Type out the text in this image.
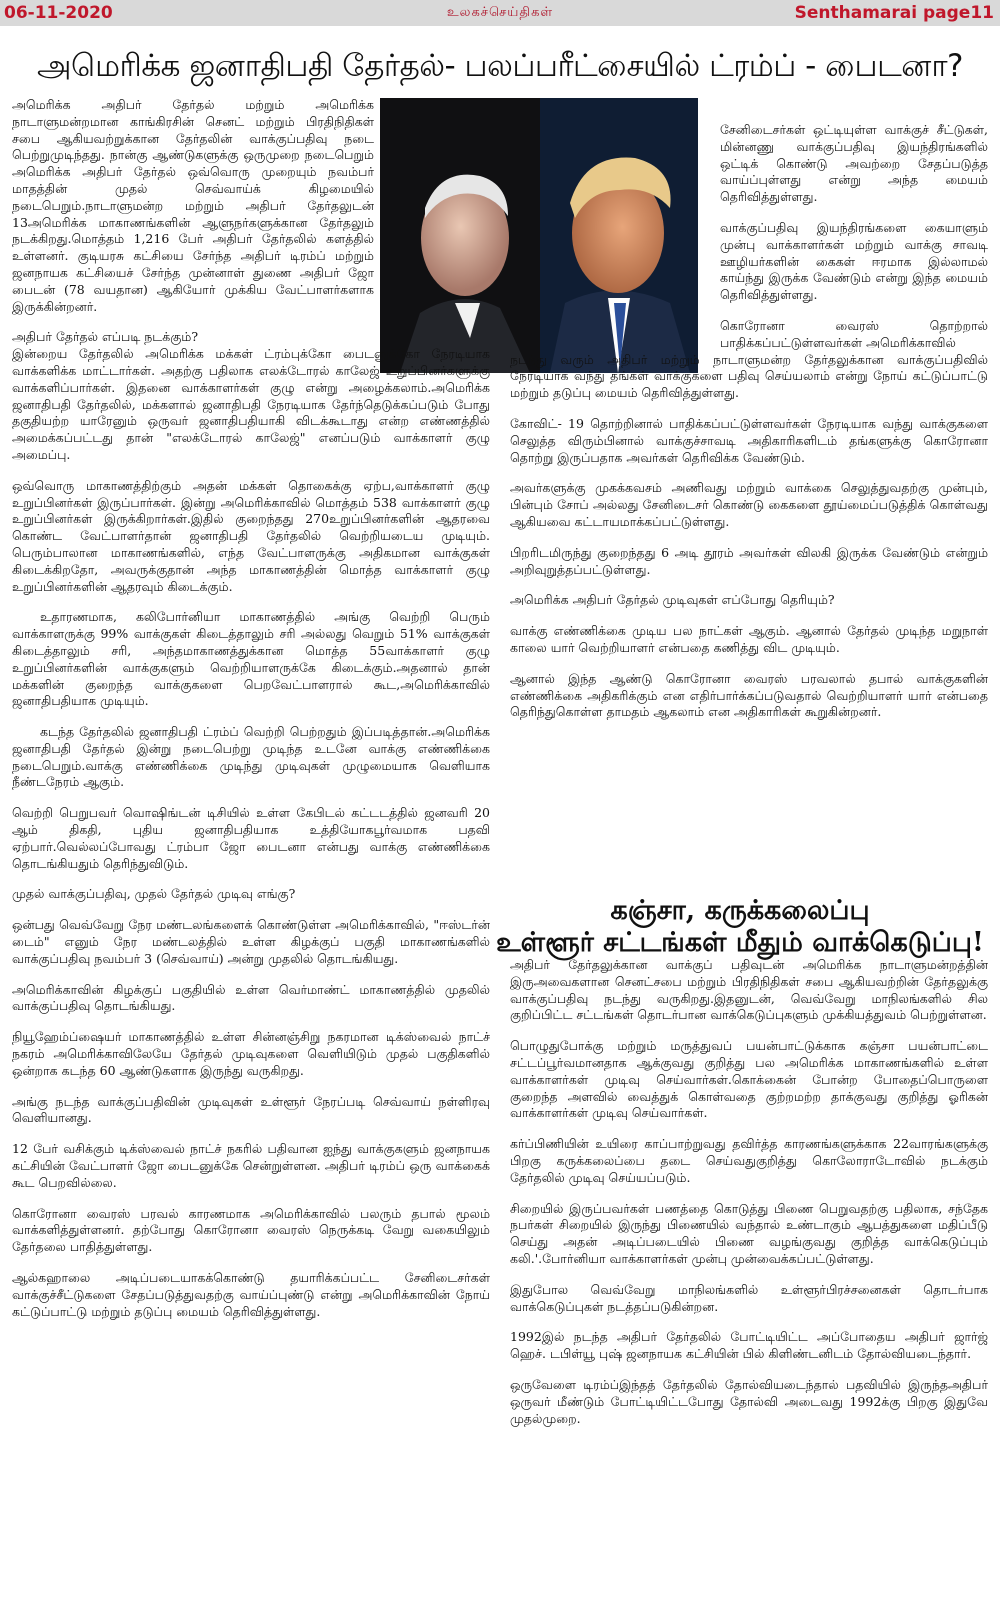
06-11-2020	உலகச்செய்திகள்	Senthamarai page11
அமெரிக்க ஜனாதிபதி தேர்தல்- பலப்பரீட்சையில் ட்ரம்ப் - பைடனா?

அமெரிக்க அதிபர் தேர்தல் மற்றும் அமெரிக்க நாடாளுமன்றமான காங்கிரசின் செனட் மற்றும் பிரதிநிதிகள் சபை ஆகியவற்றுக்கான தேர்தலின் வாக்குப்பதிவு நடை பெற்றுமுடிந்தது. நான்கு ஆண்டுகளுக்கு ஒருமுறை நடைபெறும் அமெரிக்க அதிபர் தேர்தல் ஒவ்வொரு முறையும் நவம்பர் மாதத்தின் முதல் செவ்வாய்க் கிழமையில் நடைபெறும்.நாடாளுமன்ற மற்றும் அதிபர் தேர்தலுடன் 13அமெரிக்க மாகாணங்களின் ஆளுநர்களுக்கான தேர்தலும் நடக்கிறது.மொத்தம் 1,216 பேர் அதிபர் தேர்தலில் களத்தில் உள்ளனர். குடியரசு கட்சியை சேர்ந்த அதிபர் டிரம்ப் மற்றும் ஜனநாயக கட்சியைச் சேர்ந்த முன்னாள் துணை அதிபர் ஜோ பைடன் (78 வயதான) ஆகியோர் முக்கிய வேட்பாளர்களாக இருக்கின்றனர்.

அதிபர் தேர்தல் எப்படி நடக்கும்?
இன்றைய தேர்தலில் அமெரிக்க மக்கள் ட்ரம்புக்கோ பைடனுக்கோ நேரடியாக வாக்களிக்க மாட்டார்கள். அதற்கு பதிலாக எலக்டோரல் காலேஜ் உறுப்பினர்களுக்கு வாக்களிப்பார்கள். இதனை வாக்காளர்கள் குழு என்று அழைக்கலாம்.அமெரிக்க ஜனாதிபதி தேர்தலில், மக்களால் ஜனாதிபதி நேரடியாக தேர்ந்தெடுக்கப்படும் போது தகுதியற்ற யாரேனும் ஒருவர் ஜனாதிபதியாகி விடக்கூடாது என்ற எண்ணத்தில் அமைக்கப்பட்டது தான் "எலக்டோரல் காலேஜ்" எனப்படும் வாக்காளர் குழு அமைப்பு.

ஒவ்வொரு மாகாணத்திற்கும் அதன் மக்கள் தொகைக்கு ஏற்ப,வாக்காளர் குழு உறுப்பினர்கள் இருப்பார்கள். இன்று அமெரிக்காவில் மொத்தம் 538 வாக்காளர் குழு உறுப்பினர்கள் இருக்கிறார்கள்.இதில் குறைந்தது 270உறுப்பினர்களின் ஆதரவை கொண்ட வேட்பாளர்தான் ஜனாதிபதி தேர்தலில் வெற்றியடைய முடியும். பெரும்பாலான மாகாணங்களில், எந்த வேட்பாளருக்கு அதிகமான வாக்குகள் கிடைக்கிறதோ, அவருக்குதான் அந்த மாகாணத்தின் மொத்த வாக்காளர் குழு உறுப்பினர்களின் ஆதரவும் கிடைக்கும்.

உதாரணமாக, கலிபோர்னியா மாகாணத்தில் அங்கு வெற்றி பெரும் வாக்காளருக்கு 99% வாக்குகள் கிடைத்தாலும் சரி அல்லது வெறும் 51% வாக்குகள் கிடைத்தாலும் சரி, அந்தமாகாணத்துக்கான மொத்த 55வாக்காளர் குழு உறுப்பினர்களின் வாக்குகளும் வெற்றியாளருக்கே கிடைக்கும்.அதனால் தான் மக்களின் குறைந்த வாக்குகளை பெறவேட்பாளரால் கூட,அமெரிக்காவில் ஜனாதிபதியாக முடியும்.

கடந்த தேர்தலில் ஜனாதிபதி ட்ரம்ப் வெற்றி பெற்றதும் இப்படித்தான்.அமெரிக்க ஜனாதிபதி தேர்தல் இன்று நடைபெற்று முடிந்த உடனே வாக்கு எண்ணிக்கை நடைபெறும்.வாக்கு எண்ணிக்கை முடிந்து முடிவுகள் முழுமையாக வெளியாக நீண்டநேரம் ஆகும்.

வெற்றி பெறுபவர் வொஷிங்டன் டிசியில் உள்ள கேபிடல் கட்டடத்தில் ஜனவரி 20 ஆம் திகதி, புதிய ஜனாதிபதியாக உத்தியோகபூர்வமாக பதவி ஏற்பார்.வெல்லப்போவது ட்ரம்பா ஜோ பைடனா என்பது வாக்கு எண்ணிக்கை தொடங்கியதும் தெரிந்துவிடும்.

முதல் வாக்குப்பதிவு, முதல் தேர்தல் முடிவு எங்கு?

ஒன்பது வெவ்வேறு நேர மண்டலங்களைக் கொண்டுள்ள அமெரிக்காவில், "ஈஸ்டர்ன் டைம்" எனும் நேர மண்டலத்தில் உள்ள கிழக்குப் பகுதி மாகாணங்களில் வாக்குப்பதிவு நவம்பர் 3 (செவ்வாய்) அன்று முதலில் தொடங்கியது.

அமெரிக்காவின் கிழக்குப் பகுதியில் உள்ள வெர்மாண்ட் மாகாணத்தில் முதலில் வாக்குப்பதிவு தொடங்கியது.

நியூஹேம்ப்ஷையர் மாகாணத்தில் உள்ள சின்னஞ்சிறு நகரமான டிக்ஸ்வைல் நாட்ச் நகரம் அமெரிக்காவிலேயே தேர்தல் முடிவுகளை வெளியிடும் முதல் பகுதிகளில் ஒன்றாக கடந்த 60 ஆண்டுகளாக இருந்து வருகிறது.

அங்கு நடந்த வாக்குப்பதிவின் முடிவுகள் உள்ளூர் நேரப்படி செவ்வாய் நள்ளிரவு வெளியானது.

12 பேர் வசிக்கும் டிக்ஸ்வைல் நாட்ச் நகரில் பதிவான ஐந்து வாக்குகளும் ஜனநாயக கட்சியின் வேட்பாளர் ஜோ பைடனுக்கே சென்றுள்ளன. அதிபர் டிரம்ப் ஒரு வாக்கைக் கூட பெறவில்லை.

கொரோனா வைரஸ் பரவல் காரணமாக அமெரிக்காவில் பலரும் தபால் மூலம் வாக்களித்துள்ளனர். தற்போது கொரோனா வைரஸ் நெருக்கடி வேறு வகையிலும் தேர்தலை பாதித்துள்ளது.

ஆல்கஹாலை அடிப்படையாகக்கொண்டு தயாரிக்கப்பட்ட சேனிடைசர்கள் வாக்குச்சீட்டுகளை சேதப்படுத்துவதற்கு வாய்ப்புண்டு என்று அமெரிக்காவின் நோய் கட்டுப்பாட்டு மற்றும் தடுப்பு மையம் தெரிவித்துள்ளது.

சேனிடைசர்கள் ஒட்டியுள்ள வாக்குச் சீட்டுகள், மின்னணு வாக்குப்பதிவு இயந்திரங்களில் ஒட்டிக் கொண்டு அவற்றை சேதப்படுத்த வாய்ப்புள்ளது என்று அந்த மையம் தெரிவித்துள்ளது.

வாக்குப்பதிவு இயந்திரங்களை கையாளும் முன்பு வாக்காளர்கள் மற்றும் வாக்கு சாவடி ஊழியர்களின் கைகள் ஈரமாக இல்லாமல் காய்ந்து இருக்க வேண்டும் என்று இந்த மையம் தெரிவித்துள்ளது.

கொரோனா வைரஸ் தொற்றால் பாதிக்கப்பட்டுள்ளவர்கள் அமெரிக்காவில்

நடந்து வரும் அதிபர் மற்றும் நாடாளுமன்ற தேர்தலுக்கான வாக்குப்பதிவில் நேரடியாக வந்து தங்கள் வாக்குகளை பதிவு செய்யலாம் என்று நோய் கட்டுப்பாட்டு மற்றும் தடுப்பு மையம் தெரிவித்துள்ளது.

கோவிட்- 19 தொற்றினால் பாதிக்கப்பட்டுள்ளவர்கள் நேரடியாக வந்து வாக்குகளை செலுத்த விரும்பினால் வாக்குச்சாவடி அதிகாரிகளிடம் தங்களுக்கு கொரோனா தொற்று இருப்பதாக அவர்கள் தெரிவிக்க வேண்டும்.

அவர்களுக்கு முகக்கவசம் அணிவது மற்றும் வாக்கை செலுத்துவதற்கு முன்பும், பின்பும் சோப் அல்லது சேனிடைசர் கொண்டு கைகளை தூய்மைப்படுத்திக் கொள்வது ஆகியவை கட்டாயமாக்கப்பட்டுள்ளது.

பிறரிடமிருந்து குறைந்தது 6 அடி தூரம் அவர்கள் விலகி இருக்க வேண்டும் என்றும் அறிவுறுத்தப்பட்டுள்ளது.

அமெரிக்க அதிபர் தேர்தல் முடிவுகள் எப்போது தெரியும்?

வாக்கு எண்ணிக்கை முடிய பல நாட்கள் ஆகும். ஆனால் தேர்தல் முடிந்த மறுநாள் காலை யார் வெற்றியாளர் என்பதை கணித்து விட முடியும்.

ஆனால் இந்த ஆண்டு கொரோனா வைரஸ் பரவலால் தபால் வாக்குகளின் எண்ணிக்கை அதிகரிக்கும் என எதிர்பார்க்கப்படுவதால் வெற்றியாளர் யார் என்பதை தெரிந்துகொள்ள தாமதம் ஆகலாம் என அதிகாரிகள் கூறுகின்றனர்.

கஞ்சா, கருக்கலைப்பு
உள்ளூர் சட்டங்கள் மீதும் வாக்கெடுப்பு!

அதிபர் தேர்தலுக்கான வாக்குப் பதிவுடன் அமெரிக்க நாடாளுமன்றத்தின் இருஅவைகளான செனட்சபை மற்றும் பிரதிநிதிகள் சபை ஆகியவற்றின் தேர்தலுக்கு வாக்குப்பதிவு நடந்து வருகிறது.இதனுடன், வெவ்வேறு மாநிலங்களில் சில குறிப்பிட்ட சட்டங்கள் தொடர்பான வாக்கெடுப்புகளும் முக்கியத்துவம் பெற்றுள்ளன.

பொழுதுபோக்கு மற்றும் மருத்துவப் பயன்பாட்டுக்காக கஞ்சா பயன்பாட்டை சட்டப்பூர்வமானதாக ஆக்குவது குறித்து பல அமெரிக்க மாகாணங்களில் உள்ள வாக்காளர்கள் முடிவு செய்வார்கள்.கொக்கைன் போன்ற போதைப்பொருளை குறைந்த அளவில் வைத்துக் கொள்வதை குற்றமற்ற தாக்குவது குறித்து ஓரிகன் வாக்காளர்கள் முடிவு செய்வார்கள்.

கர்ப்பிணியின் உயிரை காப்பாற்றுவது தவிர்த்த காரணங்களுக்காக 22வாரங்களுக்கு பிறகு கருக்கலைப்பை தடை செய்வதுகுறித்து கொலோராடோவில் நடக்கும் தேர்தலில் முடிவு செய்யப்படும்.

சிறையில் இருப்பவர்கள் பணத்தை கொடுத்து பிணை பெறுவதற்கு பதிலாக, சந்தேக நபர்கள் சிறையில் இருந்து பிணையில் வந்தால் உண்டாகும் ஆபத்துகளை மதிப்பீடு செய்து அதன் அடிப்படையில் பிணை வழங்குவது குறித்த வாக்கெடுப்பும் கலி.'.போர்னியா வாக்காளர்கள் முன்பு முன்வைக்கப்பட்டுள்ளது.

இதுபோல வெவ்வேறு மாநிலங்களில் உள்ளூர்பிரச்சனைகள் தொடர்பாக வாக்கெடுப்புகள் நடத்தப்படுகின்றன.

1992இல் நடந்த அதிபர் தேர்தலில் போட்டியிட்ட அப்போதைய அதிபர் ஜார்ஜ் ஹெச். டபிள்யூ புஷ் ஜனநாயக கட்சியின் பில் கிளிண்டனிடம் தோல்வியடைந்தார்.

ஒருவேளை டிரம்ப்இந்தத் தேர்தலில் தோல்வியடைந்தால் பதவியில் இருந்தஅதிபர் ஒருவர் மீண்டும் போட்டியிட்டபோது தோல்வி அடைவது 1992க்கு பிறகு இதுவே முதல்முறை.
